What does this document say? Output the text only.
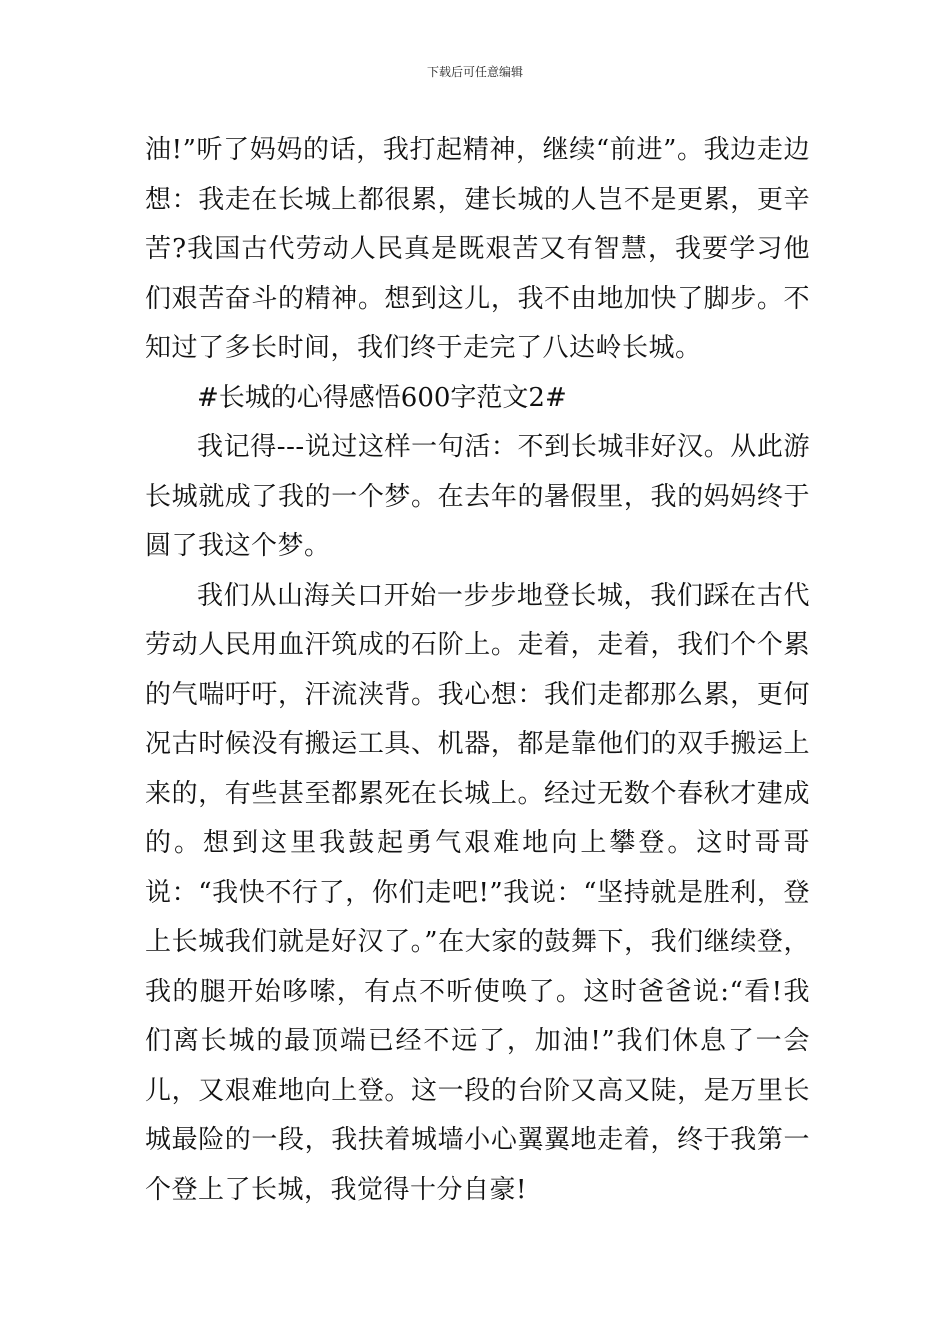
下载后可任意编辑

油!”听了妈妈的话，我打起精神，继续“前进”。我边走边想：我走在长城上都很累，建长城的人岂不是更累，更辛苦?我国古代劳动人民真是既艰苦又有智慧，我要学习他们艰苦奋斗的精神。想到这儿，我不由地加快了脚步。不知过了多长时间，我们终于走完了八达岭长城。

#长城的心得感悟600字范文2#

我记得---说过这样一句活：不到长城非好汉。从此游长城就成了我的一个梦。在去年的暑假里，我的妈妈终于圆了我这个梦。

我们从山海关口开始一步步地登长城，我们踩在古代劳动人民用血汗筑成的石阶上。走着，走着，我们个个累的气喘吁吁，汗流浃背。我心想：我们走都那么累，更何况古时候没有搬运工具、机器，都是靠他们的双手搬运上来的，有些甚至都累死在长城上。经过无数个春秋才建成的。想到这里我鼓起勇气艰难地向上攀登。这时哥哥说：“我快不行了，你们走吧!”我说：“坚持就是胜利，登上长城我们就是好汉了。”在大家的鼓舞下，我们继续登，我的腿开始哆嗦，有点不听使唤了。这时爸爸说:“看!我们离长城的最顶端已经不远了，加油!”我们休息了一会儿，又艰难地向上登。这一段的台阶又高又陡，是万里长城最险的一段，我扶着城墙小心翼翼地走着，终于我第一个登上了长城，我觉得十分自豪!
